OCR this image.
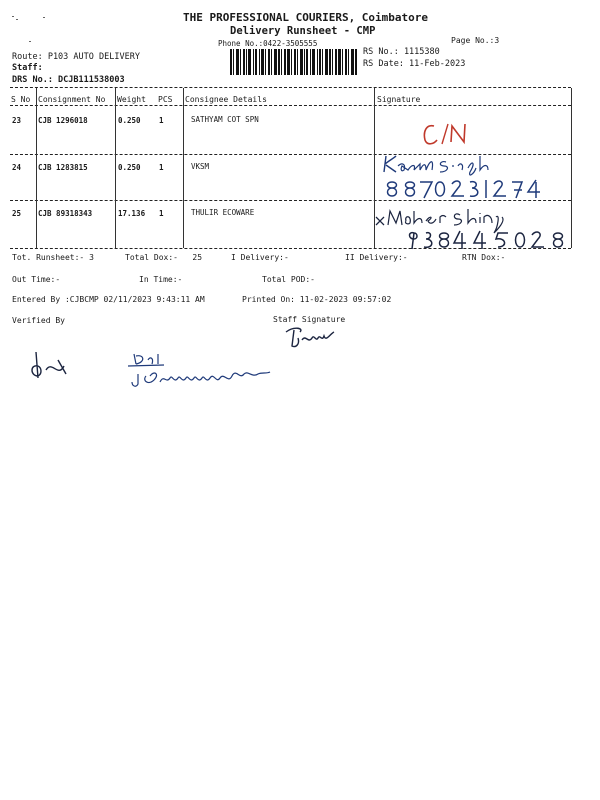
THE PROFESSIONAL COURIERS, Coimbatore
Delivery Runsheet - CMP
Phone No.:0422-3505555	Page No.:3
RS No.: 1115380
RS Date: 11-Feb-2023
Route: P103 AUTO DELIVERY
Staff:
DRS No.: DCJB111538003
S No Consignment No Weight PCS Consignee Details	Signature
23 CJB 1296018	0.250 1	SATHYAM COT SPN
24 CJB 1283815	0.250 1	VKSM
25 CJB 89318343	17.136 1	THULIR ECOWARE
Tot. Runsheet:- 3	Total Dox:-   25	I Delivery:-	II Delivery:-	RTN Dox:-
Out Time:-	In Time:-	Total POD:-
Entered By :CJBCMP 02/11/2023 9:43:11 AM	Printed On: 11-02-2023 09:57:02
Verified By	Staff Signature
